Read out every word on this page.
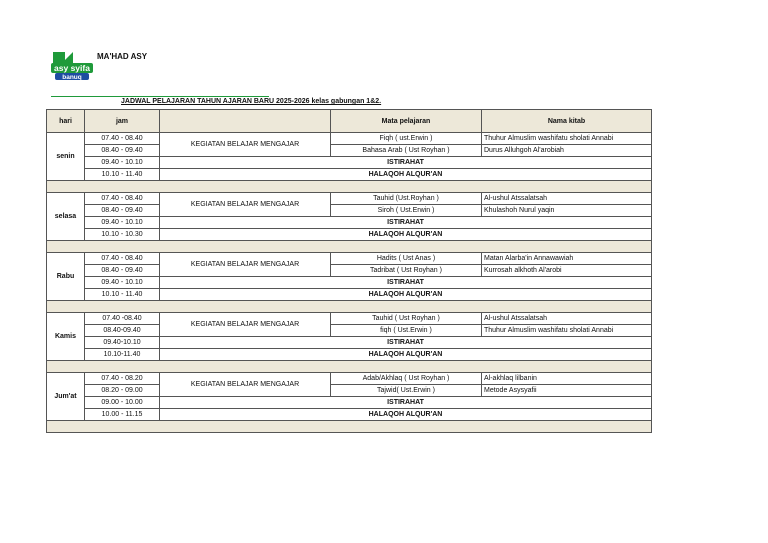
asy syifa
banuq
MA'HAD ASY
JADWAL PELAJARAN TAHUN AJARAN BARU 2025-2026 kelas gabungan 1&2.
hari	jam		Mata pelajaran	Nama kitab
senin	07.40 - 08.40	KEGIATAN BELAJAR MENGAJAR	Fiqh ( ust.Erwin )	Thuhur Almuslim washifatu sholati Annabi
	08.40 - 09.40		Bahasa Arab ( Ust Royhan )	Durus Alluhgoh Al'arobiah
	09.40 - 10.10	ISTIRAHAT		
	10.10 - 11.40	HALAQOH ALQUR'AN		

selasa	07.40 - 08.40	KEGIATAN BELAJAR MENGAJAR	Tauhid (Ust.Royhan )	Al-ushul Atssalatsah
	08.40 - 09.40		Siroh ( Ust.Erwin )	Khulashoh Nurul yaqin
	09.40 - 10.10	ISTIRAHAT		
	10.10 - 10.30	HALAQOH ALQUR'AN		

Rabu	07.40 - 08.40	KEGIATAN BELAJAR MENGAJAR	Hadits ( Ust Anas )	Matan Alarba'in Annawawiah
	08.40 - 09.40		Tadribat ( Ust Royhan )	Kurrosah alkhoth Al'arobi
	09.40 - 10.10	ISTIRAHAT		
	10.10 - 11.40	HALAQOH ALQUR'AN		

Kamis	07.40 -08.40	KEGIATAN BELAJAR MENGAJAR	Tauhid ( Ust Royhan )	Al-ushul Atssalatsah
	08.40-09.40		fiqh ( Ust.Erwin )	Thuhur Almuslim washifatu sholati Annabi
	09.40-10.10	ISTIRAHAT		
	10.10-11.40	HALAQOH ALQUR'AN		

Jum'at	07.40 - 08.20	KEGIATAN BELAJAR MENGAJAR	Adab/Akhlaq ( Ust Royhan )	Al-akhlaq lilbanin
	08.20 - 09.00		Tajwid( Ust.Erwin )	Metode Asysyafii
	09.00 - 10.00	ISTIRAHAT		
	10.00 - 11.15	HALAQOH ALQUR'AN		
